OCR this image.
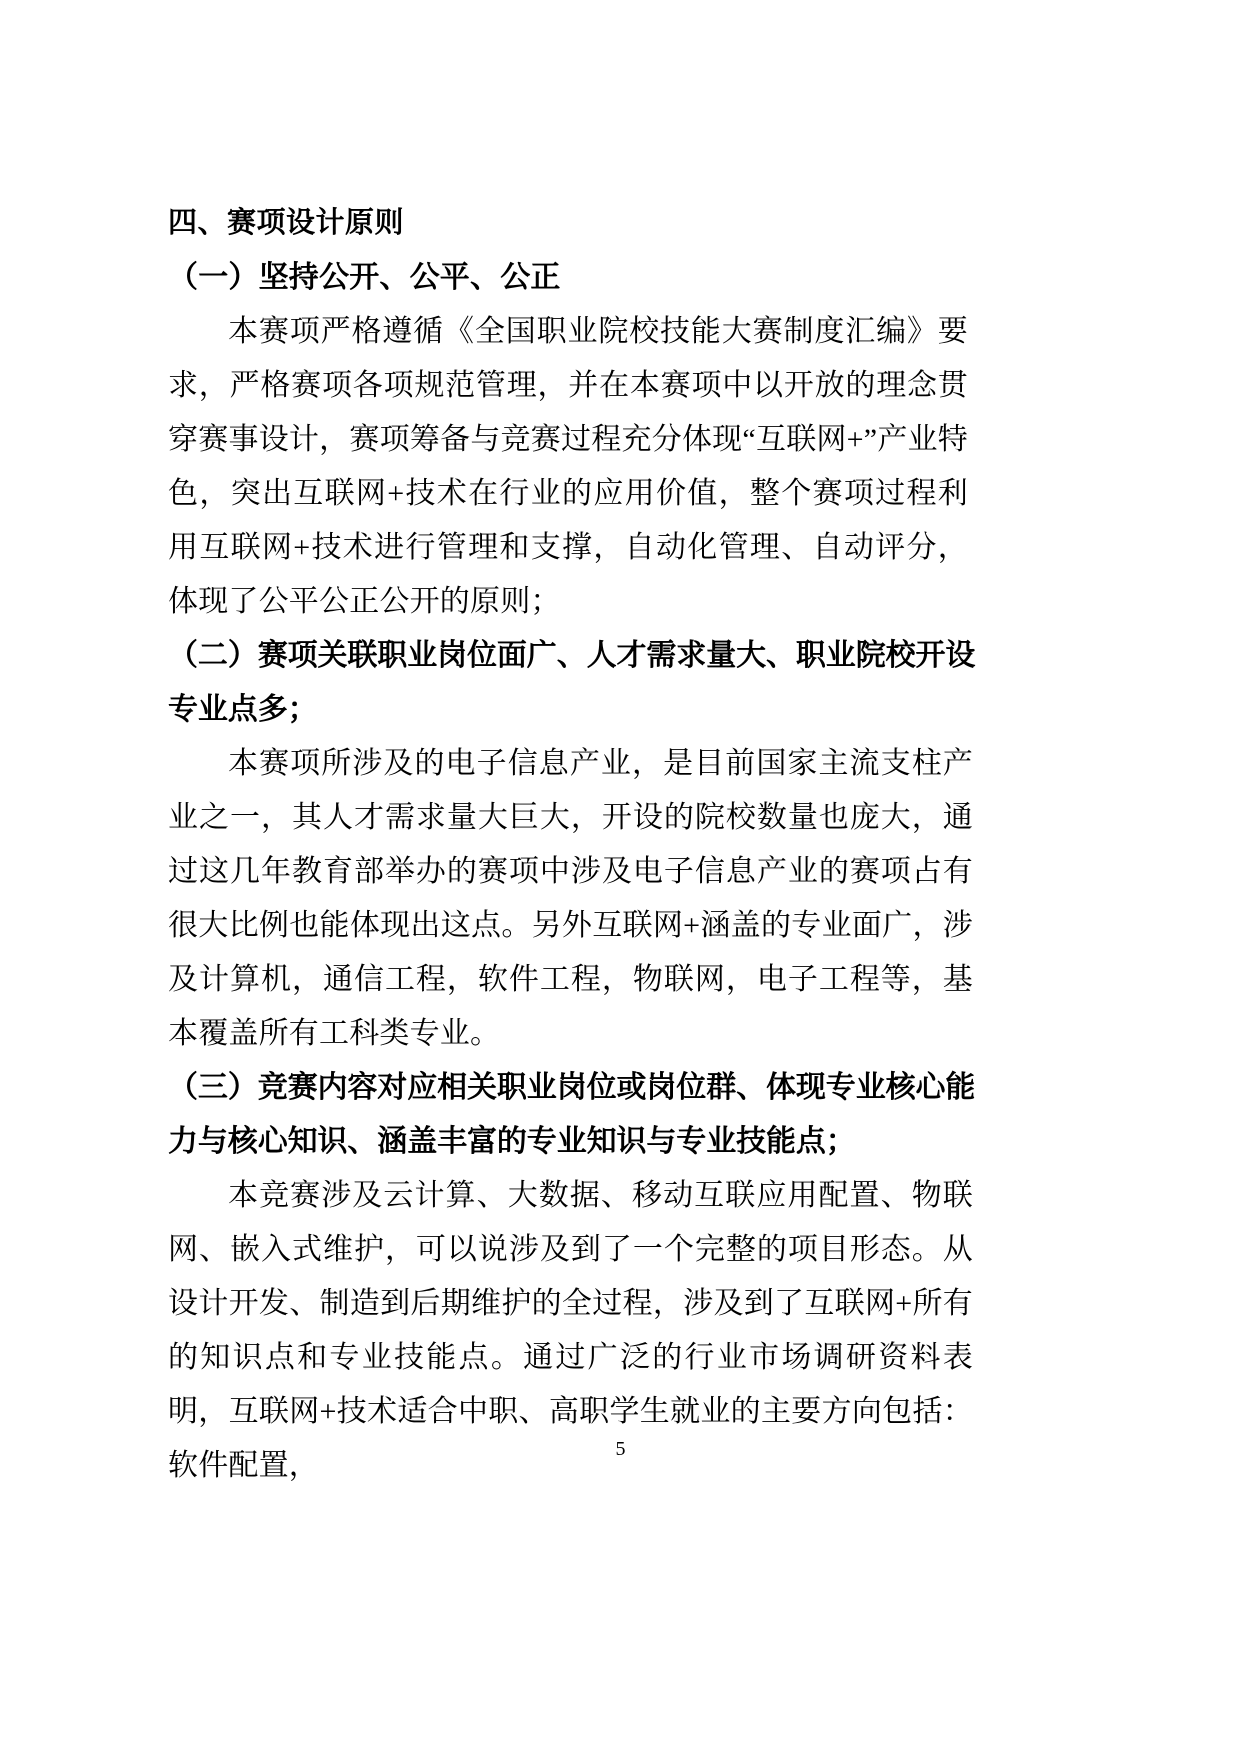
四、赛项设计原则
（一）坚持公开、公平、公正

本赛项严格遵循《全国职业院校技能大赛制度汇编》要求，严格赛项各项规范管理，并在本赛项中以开放的理念贯穿赛事设计，赛项筹备与竞赛过程充分体现“互联网+”产业特色，突出互联网+技术在行业的应用价值，整个赛项过程利用互联网+技术进行管理和支撑，自动化管理、自动评分，体现了公平公正公开的原则；

（二）赛项关联职业岗位面广、人才需求量大、职业院校开设专业点多；

本赛项所涉及的电子信息产业，是目前国家主流支柱产业之一，其人才需求量大巨大，开设的院校数量也庞大，通过这几年教育部举办的赛项中涉及电子信息产业的赛项占有很大比例也能体现出这点。另外互联网+涵盖的专业面广，涉及计算机，通信工程，软件工程，物联网，电子工程等，基本覆盖所有工科类专业。

（三）竞赛内容对应相关职业岗位或岗位群、体现专业核心能力与核心知识、涵盖丰富的专业知识与专业技能点；

本竞赛涉及云计算、大数据、移动互联应用配置、物联网、嵌入式维护，可以说涉及到了一个完整的项目形态。从设计开发、制造到后期维护的全过程，涉及到了互联网+所有的知识点和专业技能点。通过广泛的行业市场调研资料表明，互联网+技术适合中职、高职学生就业的主要方向包括：软件配置，	5
